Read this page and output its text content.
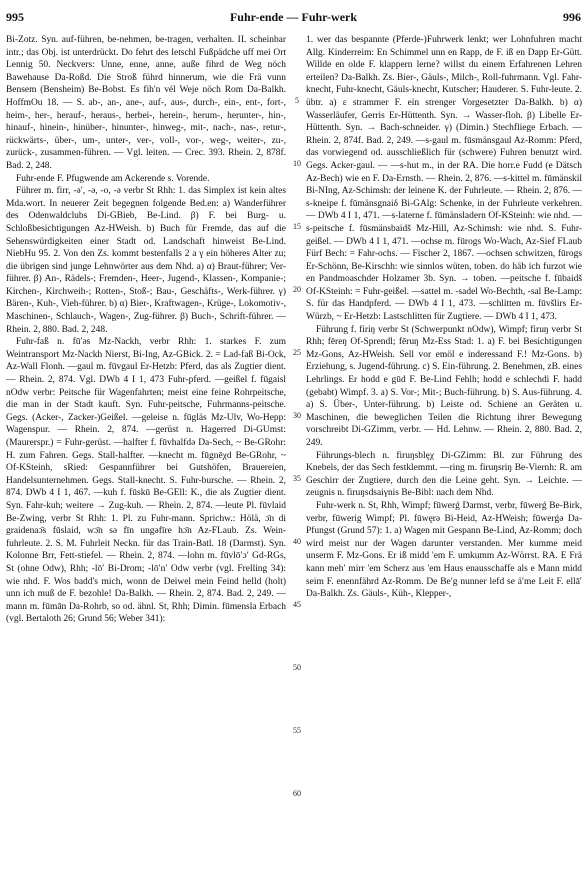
995	Fuhr-ende — Fuhr-werk	996

Bi-Zotz. Syn. auf-führen, be-nehmen, be-tragen, verhalten. II. scheinbar intr.; das Obj. ist unterdrückt. Do fehrt des letschl Fußpädche uff mei Ort Lennig 50. Neckvers: Unne, enne, anne, auße fihrd de Weg nöch Bawehause Da-Roßd. Die Stroß führd hinnerum, wie die Frä vunn Bensem (Bensheim) Be-Bobst. Es fih'n vél Weje nöch Rom Da-Balkh. HoffmOu 18. — S. ab-, an-, ane-, auf-, aus-, durch-, ein-, ent-, fort-, heim-, her-, herauf-, heraus-, herbei-, herein-, herum-, herunter-, hin-, hinauf-, hinein-, hinüber-, hinunter-, hinweg-, mit-, nach-, nas-, retur-, rückwärts-, über-, um-, unter-, ver-, voll-, vor-, weg-, weiter-, zu-, zurück-, zusammen-führen. — Vgl. leiten. — Crec. 393. Rhein. 2, 878f. Bad. 2, 248.

Fuhr-ende F. Pfugwende am Ackerende s. Vorende.

Führer m. firr, -ə′, -ə, -o, -ə verbr St Rhh: 1. das Simplex ist kein altes Mda.wort. In neuerer Zeit begegnen folgende Bed.en: a) Wanderführer des Odenwaldclubs Di-GBieb, Be-Lind. β) F. bei Burg- u. Schloßbesichtigungen Az-HWeish. b) Buch für Fremde, das auf die Sehenswürdigkeiten einer Stadt od. Landschaft hinweist Be-Lind. NiebHu 95. 2. Von den Zs. kommt bestenfalls 2 a γ ein höheres Alter zu; die übrigen sind junge Lehnwörter aus dem Nhd. a) α) Braut-führer; Ver-führer. β) An-, Rädels-; Fremden-, Heer-, Jugend-, Klassen-, Kompanie-; Kirchen-, Kirchweih-; Rotten-, Stoß-; Bau-, Geschäfts-, Werk-führer. γ) Bären-, Kuh-, Vieh-führer. b) α) Bier-, Kraftwagen-, Krüge-, Lokomotiv-, Maschinen-, Schlauch-, Wagen-, Zug-führer. β) Buch-, Schrift-führer. — Rhein. 2, 880. Bad. 2, 248.

Fuhr-faß n. fū′əs Mz-Nackh, verbr Rhh: 1. starkes F. zum Weintransport Mz-Nackh Nierst, Bi-Ing, Az-GBick. 2. = Lad-faß Bi-Ock, Az-Wall Flonh. —gaul m. fūvgaul Er-Hetzb: Pferd, das als Zugtier dient. — Rhein. 2, 874. Vgl. DWb 4 I 1, 473 Fuhr-pferd. —geißel f. fūgaisl nOdw verbr: Peitsche für Wagenfahrten; meist eine feine Rohrpeitsche, die man in der Stadt kauft. Syn. Fuhr-peitsche, Fuhrmanns-peitsche. Gegs. (Acker-, Zacker-)Geißel. —geleise n. fūgläs Mz-Ulv, Wo-Hepp: Wagenspur. — Rhein. 2, 874. —gerüst n. Hagerred Di-GUmst: (Maurerspr.) = Fuhr-gerüst. —halfter f. fūvhalfdə Da-Sech, ~ Be-GRohr: H. zum Fahren. Gegs. Stall-halfter. —knecht m. fūgnēχd Be-GRohr, ~ Of-KSteinh, sRied: Gespannführer bei Gutshöfen, Brauereien, Handelsunternehmen. Gegs. Stall-knecht. S. Fuhr-bursche. — Rhein. 2, 874. DWb 4 I 1, 467. —kuh f. fūskū Be-GEll: K., die als Zugtier dient. Syn. Fahr-kuh; weitere → Zug-kuh. — Rhein. 2, 874. —leute Pl. fūvlaid Be-Zwing, verbr St Rhh: 1. Pl. zu Fuhr-mann. Sprichw.: Hölä, ɔ̄n di graidenaɔ̄s fūslaid, wɔ̄n sə fīn ungəfīre hɔ̄n Az-FLaub. Zs. Wein-fuhrleute. 2. S. M. Fuhrleit Neckn. für das Train-Batl. 18 (Darmst). Syn. Kolonne Brr, Fett-stiefel. — Rhein. 2, 874. —lohn m. fūvlō′ɔ′ Gd-RGs, St (ohne Odw), Rhh; -lō′ Bi-Drom; -lō′n′ Odw verbr (vgl. Frelling 34): wie nhd. F. Wos badd's mich, wonn de Deiwel mein Feind helld (holt) unn ich muß de F. bezohle! Da-Balkh. — Rhein. 2, 874. Bad. 2, 249. —mann m. fūmān Da-Rohrb, so od. ähnl. St, Rhh; Dimin. fūmensla Erbach (vgl. Bertaloth 26; Grund 56; Weber 341):

5
10
15
20
25
30
35
40
45
50
55
60

1. wer das bespannte (Pferde-)Fuhrwerk lenkt; wer Lohnfuhren macht Allg. Kinderreim: En Schimmel unn en Rapp, de F. iß en Dapp Er-Gütt. Willde en olde F. klappern lerne? willst du einem Erfahrenen Lehren erteilen? Da-Balkh. Zs. Bier-, Gäuls-, Milch-, Roll-fuhrmann. Vgl. Fahr-knecht, Fuhr-knecht, Gäuls-knecht, Kutscher; Hauderer. S. Fuhr-leute. 2. übtr. a) ε strammer F. ein strenger Vorgesetzter Da-Balkh. b) α) Wasserläufer, Gerris Er-Hüttenth. Syn. → Wasser-floh. β) Libelle Er-Hüttenth. Syn. → Bach-schneider. γ) (Dimin.) Stechfliege Erbach. — Rhein. 2, 874f. Bad. 2, 249. —s-gaul m. fūsmänsgaul Az-Romm: Pferd, das vorwiegend od. ausschließlich für (schwere) Fuhren benutzt wird. Gegs. Acker-gaul. — —s-hut m., in der RA. Die horr.e Fudd (e Dätsch Az-Bech) wie en F. Da-Ernsth. — Rhein. 2, 876. —s-kittel m. fūmänskil Bi-NIng, Az-Schimsh: der leinene K. der Fuhrleute. — Rhein. 2, 876. —s-kneipe f. fūmänsgnaiδ Bi-GAlg: Schenke, in der Fuhrleute verkehren. — DWb 4 I 1, 471. —s-laterne f. fūmänsladern Of-KSteinh: wie nhd. —s-peitsche f. fūsmänsbaidš Mz-Hill, Az-Schimsh: wie nhd. S. Fuhr-geißel. — DWb 4 I 1, 471. —ochse m. fūrogs Wo-Wach, Az-Sief FLaub Fürf Bech: = Fahr-ochs. — Fischer 2, 1867. —ochsen schwitzen, fūrogs Er-Schönn, Be-Kirschh: wie sinnlos wüten, toben. do häb ich furzot wie en Pandmoaschder Holzamer 3b. Syn. → toben. —peitsche f. fūbaidš Of-KSteinh: = Fuhr-geißel. —sattel m. -sadel Wo-Bechth, -sal Be-Lamp: S. für das Handpferd. — DWb 4 I 1, 473. —schlitten m. fūvšlirs Er-Würzb, ~ Er-Hetzb: Lastschlitten für Zugtiere. — DWb 4 I 1, 473.

Führung f. firiŋ verbr St (Schwerpunkt nOdw), Wimpf; firuŋ verbr St Rhh; fēreŋ Of-Sprendl; fēruŋ Mz-Ess Stad: 1. a) F. bei Besichtigungen Mz-Gons, Az-HWeish. Sell vor emöl e inderessand F.! Mz-Gons. b) Erziehung, s. Jugend-führung. c) S. Ein-führung. 2. Benehmen, zB. eines Lehrlings. Er hodd e gūd F. Be-Lind Fehlh; hodd e schlechdi F. hadd (gebabt) Wimpf. 3. a) S. Vor-; Mit-; Buch-führung. b) S. Aus-führung. 4. a) S. Über-, Unter-führung. b) Leiste od. Schiene an Geräten u. Maschinen, die beweglichen Teilen die Richtung ihrer Bewegung vorschreibt Di-GZimm, verbr. — Hd. Lehnw. — Rhein. 2, 880. Bad. 2, 249.

Führungs-blech n. firuŋsblęχ Di-GZimm: Bl. zur Führung des Knebels, der das Sech festklemmt. —ring m. firuŋsriŋ Be-Viernh: R. am Geschirr der Zugtiere, durch den die Leine geht. Syn. → Leichte. —zeugnis n. firuŋsdsaiγnis Be-Bibl: nach dem Nhd.

Fuhr-werk n. St, Rhh, Wimpf; fūwerǵ Darmst, verbr, fūwerǵ Be-Birk, verbr, fūwerig Wimpf; Pl. fūwęrə Bi-Heid, Az-HWeish; fūwerǵə Da-Pfungst (Grund 57): 1. a) Wagen mit Gespann Be-Lind, Az-Romm; doch wird meist nur der Wagen darunter verstanden. Mer kumme meid unserm F. Mz-Gons. Er iß midd 'em F. umkumm Az-Wörrst. RA. E Frä kann meh′ mirr 'em Scherz aus 'em Haus enausschaffe als e Mann midd seim F. enennfährd Az-Romm. De Be′g nunner lefd se ä′me Leit F. ellā′ Da-Balkh. Zs. Gäuls-, Küh-, Klepper-,
